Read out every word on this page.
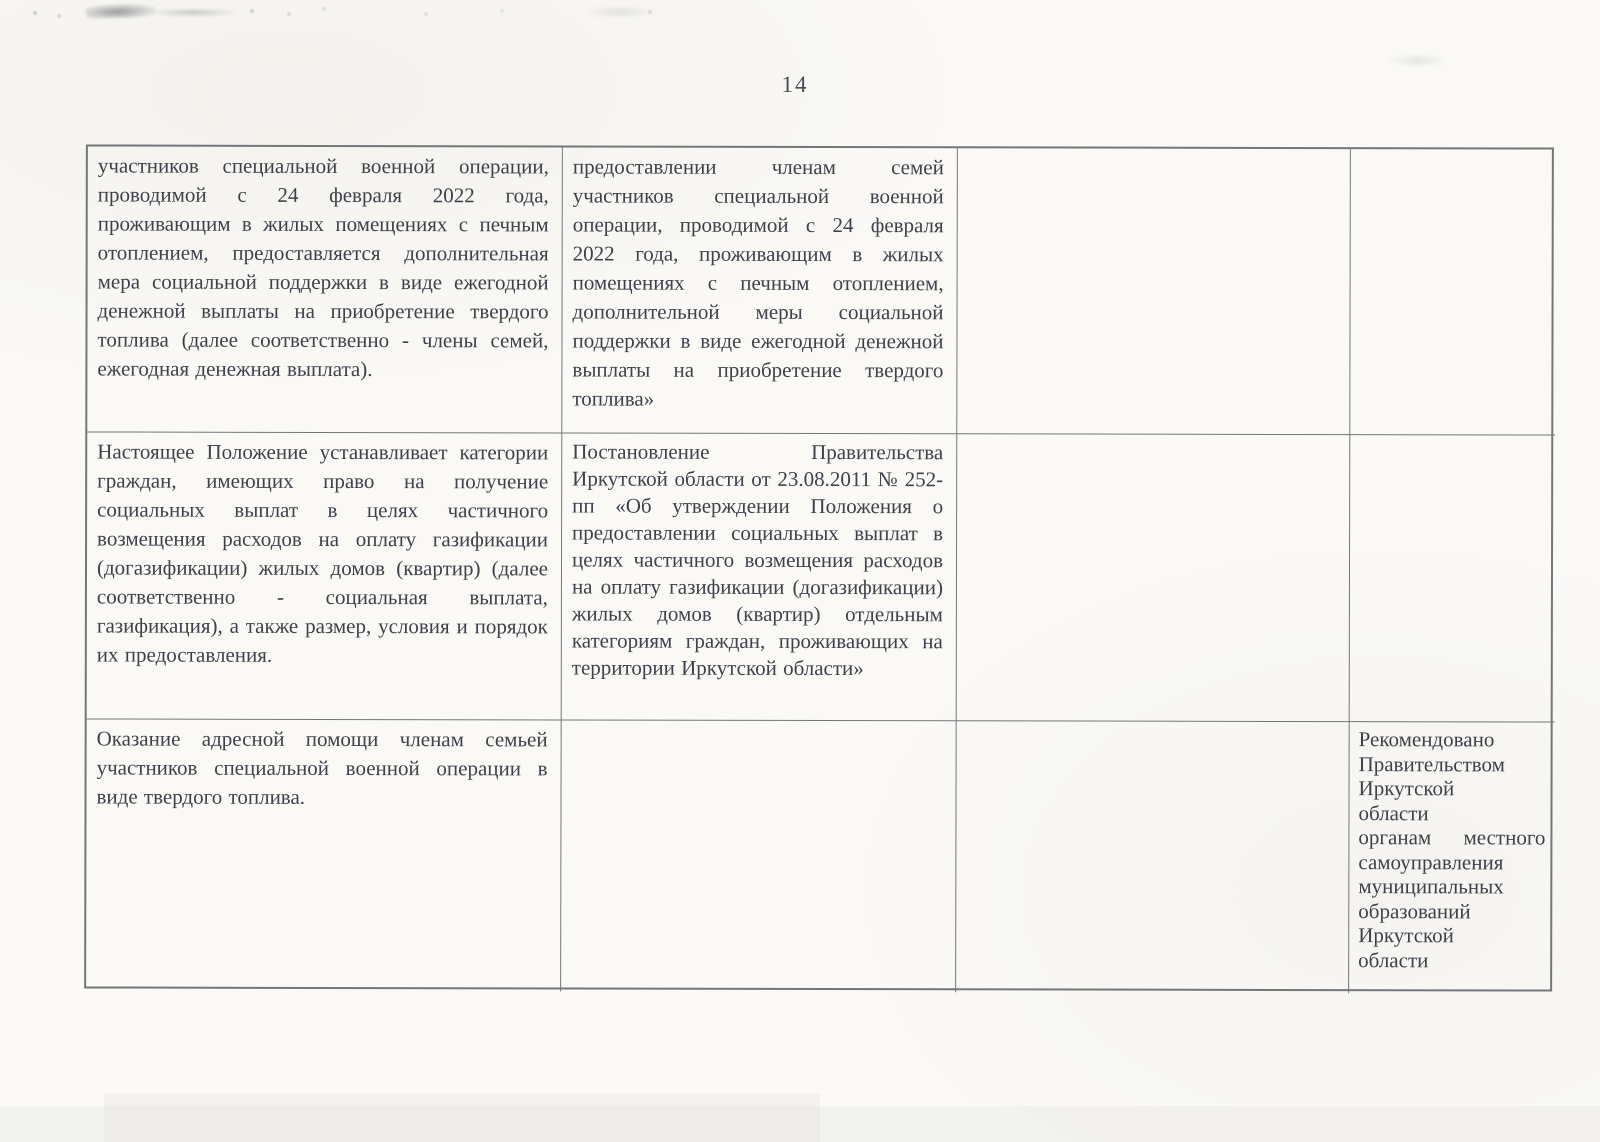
14
участников специальной военной операции, проводимой с 24 февраля 2022 года, проживающим в жилых помещениях с печным отоплением, предоставляется дополнительная мера социальной поддержки в виде ежегодной денежной выплаты на приобретение твердого топлива (далее соответственно - члены семей, ежегодная денежная выплата).
предоставлении членам семей участников специальной военной операции, проводимой с 24 февраля 2022 года, проживающим в жилых помещениях с печным отоплением, дополнительной меры социальной поддержки в виде ежегодной денежной выплаты на приобретение твердого топлива»
Настоящее Положение устанавливает категории граждан, имеющих право на получение социальных выплат в целях частичного возмещения расходов на оплату газификации (догазификации) жилых домов (квартир) (далее соответственно - социальная выплата, газификация), а также размер, условия и порядок их предоставления.
Постановление Правительства Иркутской области от 23.08.2011 № 252-пп «Об утверждении Положения о предоставлении социальных выплат в целях частичного возмещения расходов на оплату газификации (догазификации) жилых домов (квартир) отдельным категориям граждан, проживающих на территории Иркутской области»
Оказание адресной помощи членам семьей участников специальной военной операции в виде твердого топлива.
Рекомендовано
Правительством
Иркутской
области
органам местного
самоуправления
муниципальных
образований
Иркутской
области
